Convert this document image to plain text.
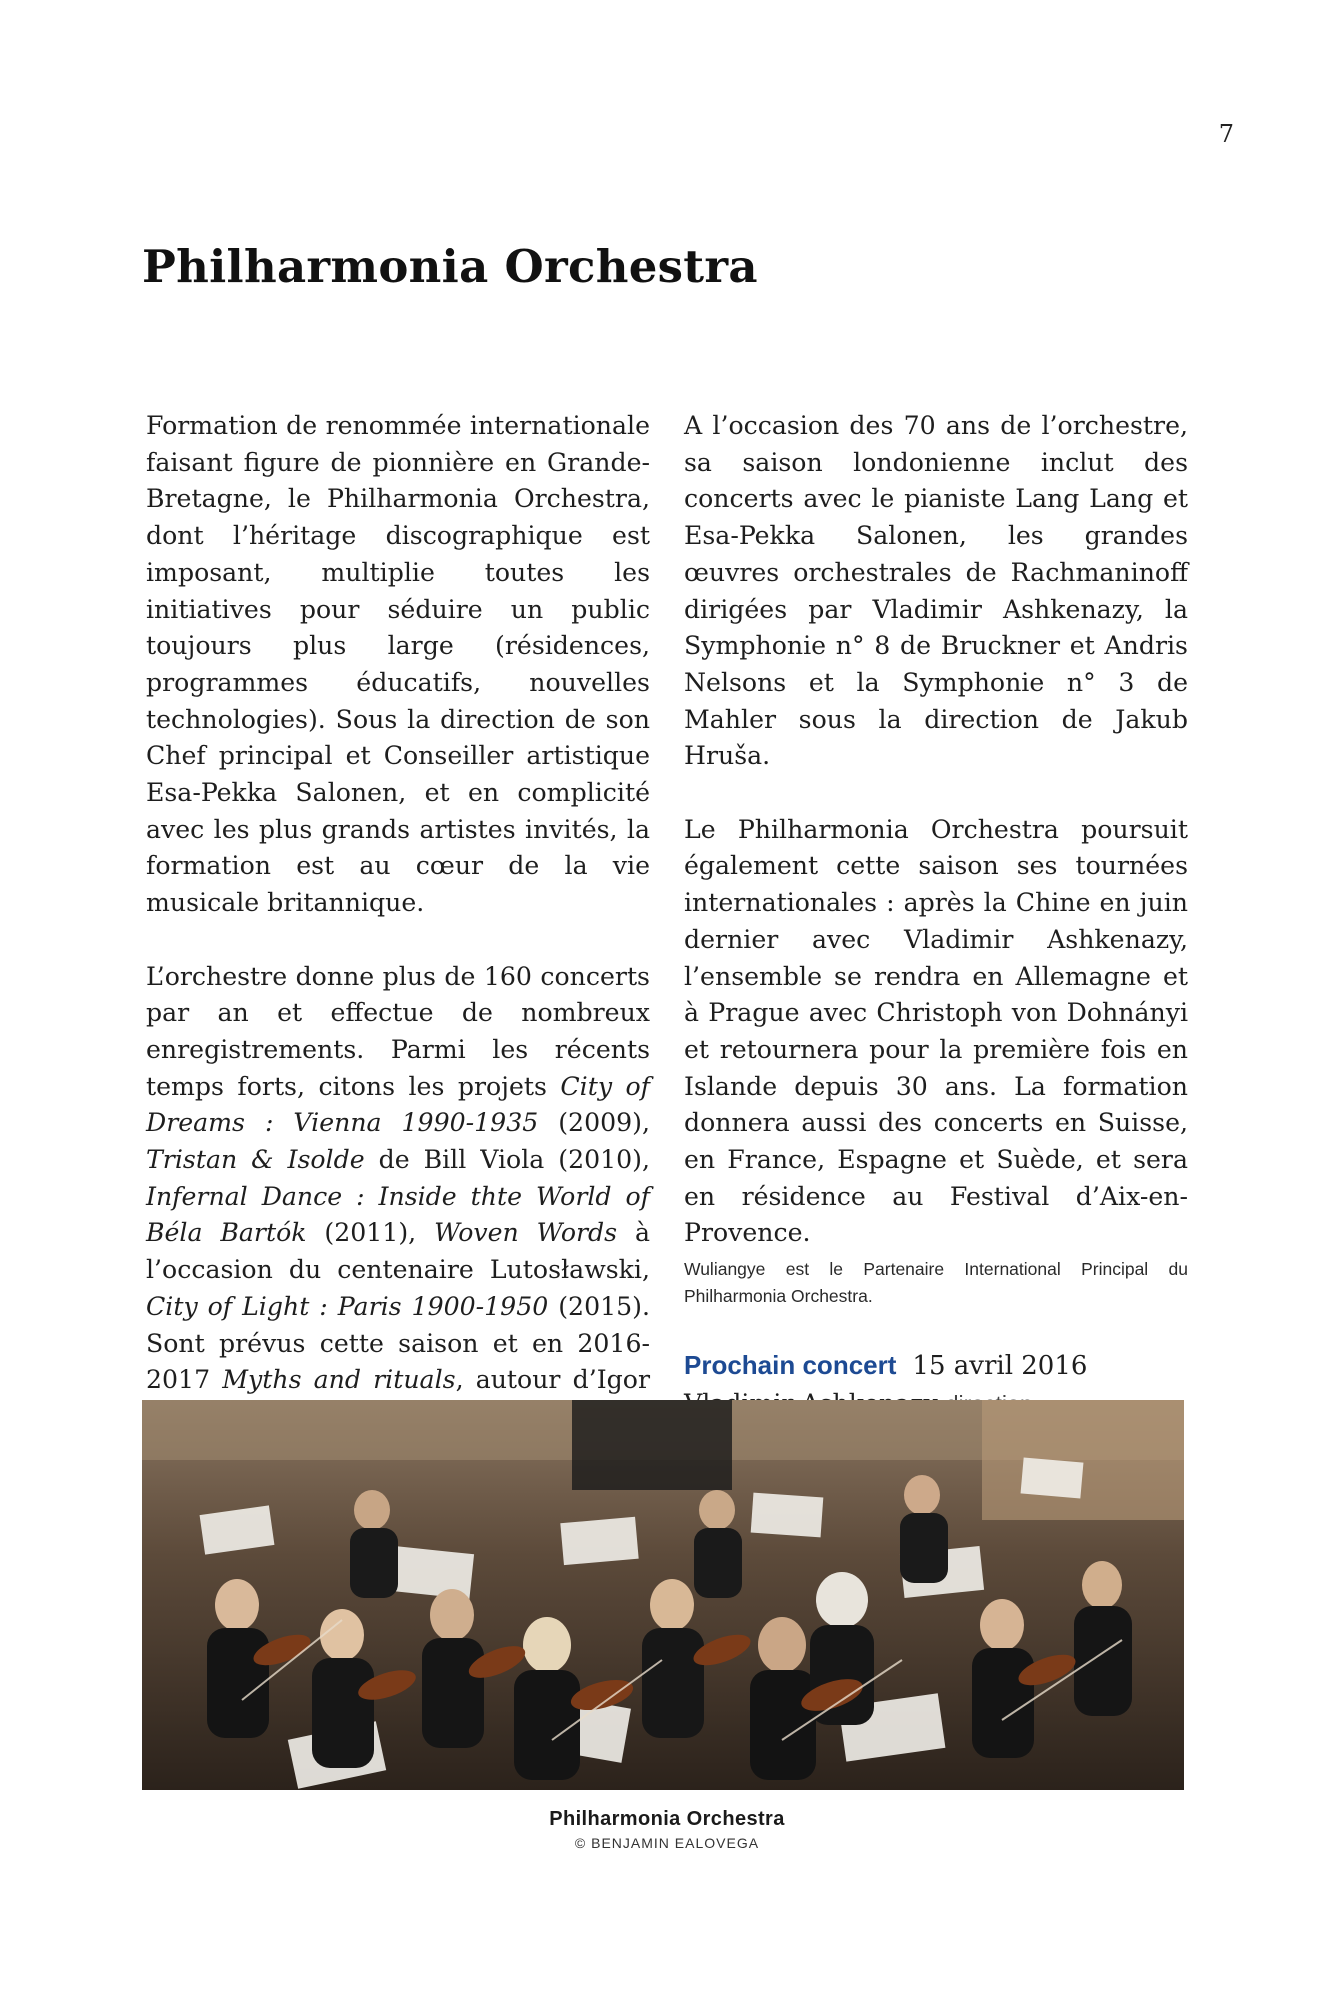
7
Philharmonia Orchestra

Formation de renommée internationale faisant figure de pionnière en Grande-Bretagne, le Philharmonia Orchestra, dont l’héritage discographique est imposant, multiplie toutes les initiatives pour séduire un public toujours plus large (résidences, programmes éducatifs, nouvelles technologies). Sous la direction de son Chef principal et Conseiller artistique Esa-Pekka Salonen, et en complicité avec les plus grands artistes invités, la formation est au cœur de la vie musicale britannique.

L’orchestre donne plus de 160 concerts par an et effectue de nombreux enregistrements. Parmi les récents temps forts, citons les projets City of Dreams : Vienna 1990-1935 (2009), Tristan & Isolde de Bill Viola (2010), Infernal Dance : Inside thte World of Béla Bartók (2011), Woven Words à l’occasion du centenaire Lutosławski, City of Light : Paris 1900-1950 (2015). Sont prévus cette saison et en 2016-2017 Myths and rituals, autour d’Igor

A l’occasion des 70 ans de l’orchestre, sa saison londonienne inclut des concerts avec le pianiste Lang Lang et Esa-Pekka Salonen, les grandes œuvres orchestrales de Rachmaninoff dirigées par Vladimir Ashkenazy, la Symphonie n° 8 de Bruckner et Andris Nelsons et la Symphonie n° 3 de Mahler sous la direction de Jakub Hruša.

Le Philharmonia Orchestra poursuit également cette saison ses tournées internationales : après la Chine en juin dernier avec Vladimir Ashkenazy, l’ensemble se rendra en Allemagne et à Prague avec Christoph von Dohnányi et retournera pour la première fois en Islande depuis 30 ans. La formation donnera aussi des concerts en Suisse, en France, Espagne et Suède, et sera en résidence au Festival d’Aix-en-Provence.

Wuliangye est le Partenaire International Principal du Philharmonia Orchestra.

Prochain concert 15 avril 2016
Philharmonia Orchestra
© BENJAMIN EALOVEGA
